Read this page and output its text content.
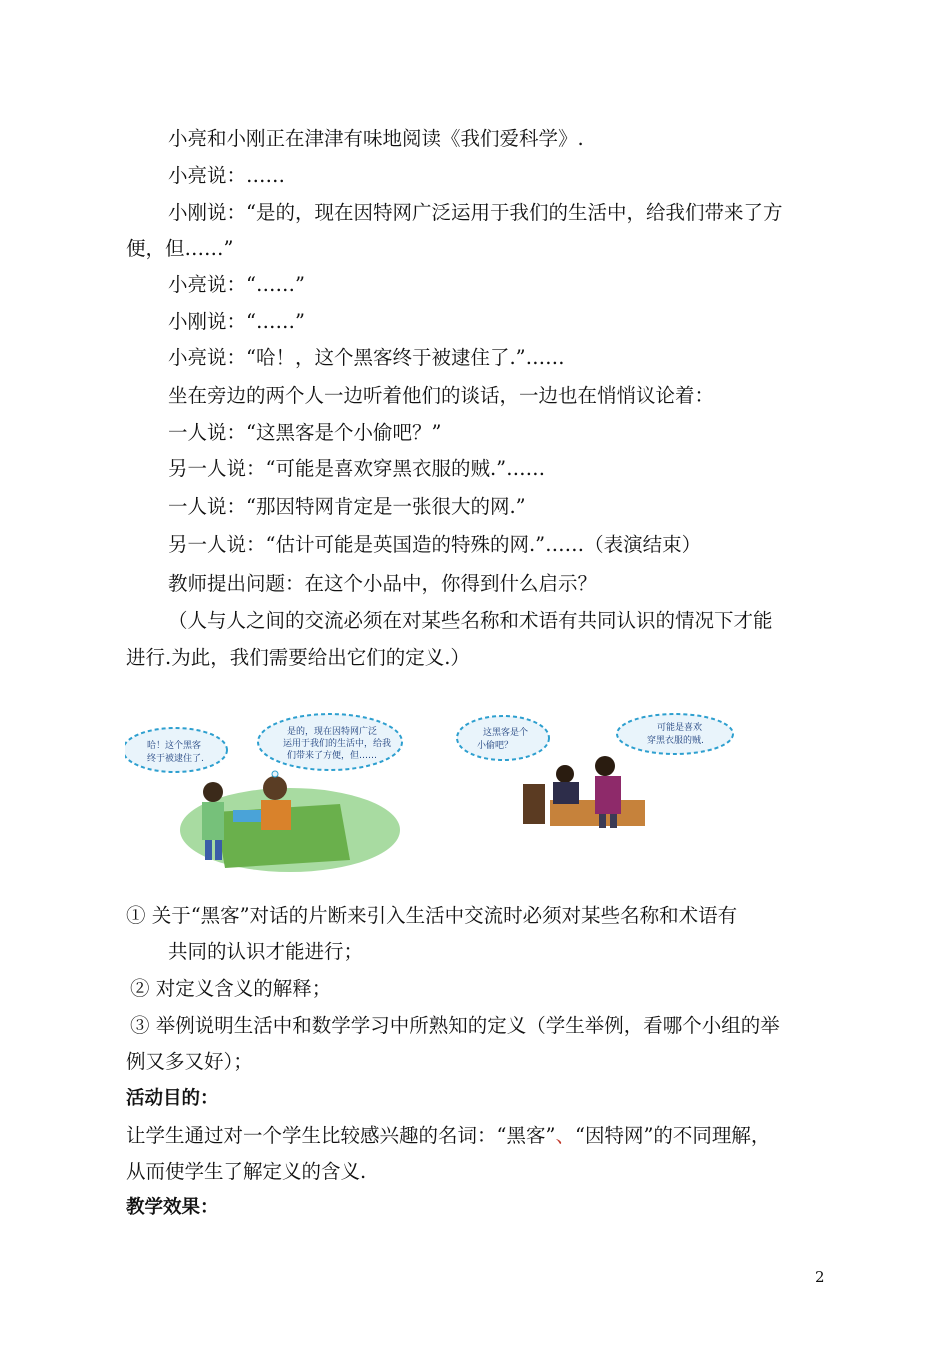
小亮和小刚正在津津有味地阅读《我们爱科学》.
小亮说：……
小刚说：“是的，现在因特网广泛运用于我们的生活中，给我们带来了方
便，但……”
小亮说：“……”
小刚说：“……”
小亮说：“哈！，这个黑客终于被逮住了.”……
坐在旁边的两个人一边听着他们的谈话，一边也在悄悄议论着：
一人说：“这黑客是个小偷吧？”
另一人说：“可能是喜欢穿黑衣服的贼.”……
一人说：“那因特网肯定是一张很大的网.”
另一人说：“估计可能是英国造的特殊的网.”……（表演结束）
教师提出问题：在这个小品中，你得到什么启示？
（人与人之间的交流必须在对某些名称和术语有共同认识的情况下才能
进行.为此，我们需要给出它们的定义.）
哈！这个黑客
终于被逮住了.
是的，现在因特网广泛
运用于我们的生活中，给我
们带来了方便，但……
这黑客是个
小偷吧？
可能是喜欢
穿黑衣服的贼.
① 关于“黑客”对话的片断来引入生活中交流时必须对某些名称和术语有
共同的认识才能进行；
② 对定义含义的解释；
③ 举例说明生活中和数学学习中所熟知的定义（学生举例，看哪个小组的举
例又多又好）；
活动目的：
让学生通过对一个学生比较感兴趣的名词：“黑客”、“因特网”的不同理解，
从而使学生了解定义的含义.
教学效果：
2
